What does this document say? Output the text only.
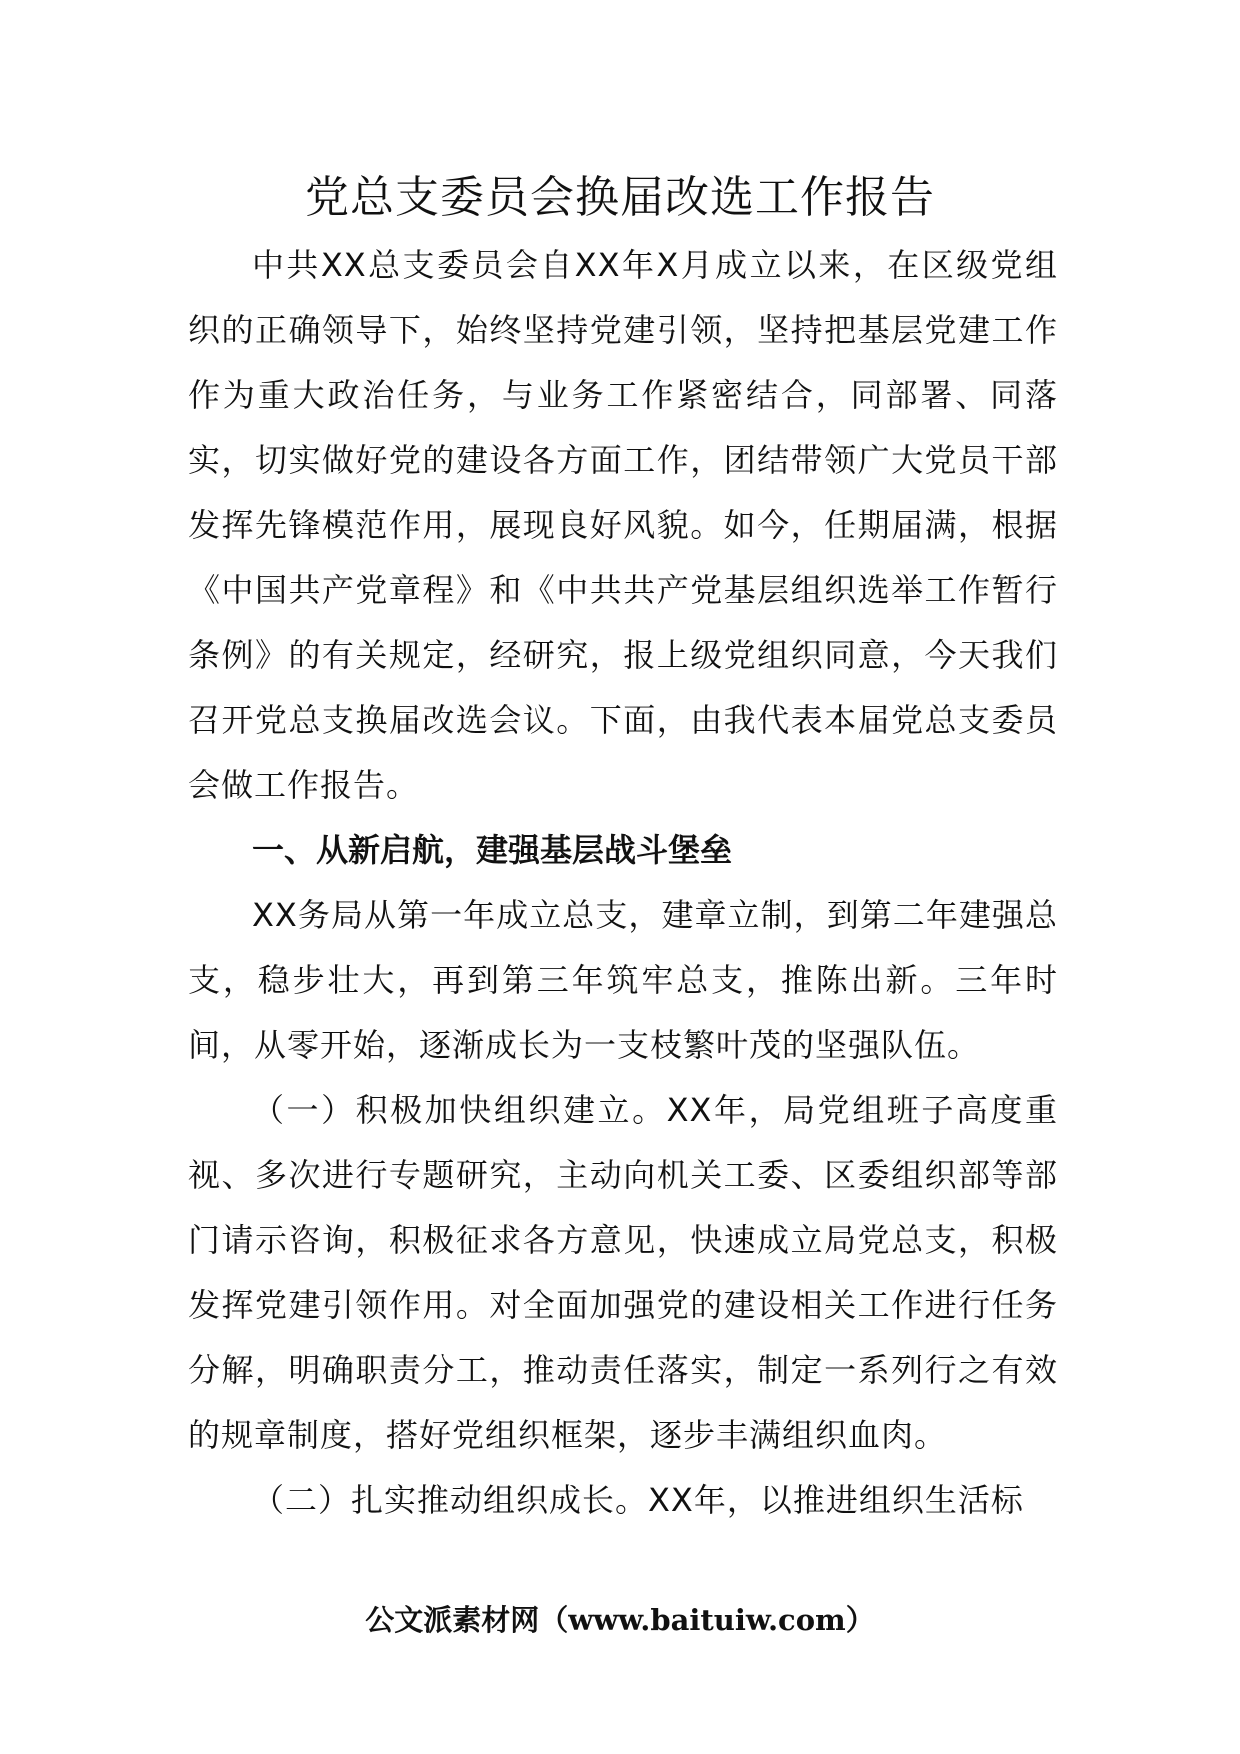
党总支委员会换届改选工作报告

中共XX总支委员会自XX年X月成立以来，在区级党组织的正确领导下，始终坚持党建引领，坚持把基层党建工作作为重大政治任务，与业务工作紧密结合，同部署、同落实，切实做好党的建设各方面工作，团结带领广大党员干部发挥先锋模范作用，展现良好风貌。如今，任期届满，根据《中国共产党章程》和《中共共产党基层组织选举工作暂行条例》的有关规定，经研究，报上级党组织同意，今天我们召开党总支换届改选会议。下面，由我代表本届党总支委员会做工作报告。

一、从新启航，建强基层战斗堡垒

XX务局从第一年成立总支，建章立制，到第二年建强总支，稳步壮大，再到第三年筑牢总支，推陈出新。三年时间，从零开始，逐渐成长为一支枝繁叶茂的坚强队伍。

（一）积极加快组织建立。XX年，局党组班子高度重视、多次进行专题研究，主动向机关工委、区委组织部等部门请示咨询，积极征求各方意见，快速成立局党总支，积极发挥党建引领作用。对全面加强党的建设相关工作进行任务分解，明确职责分工，推动责任落实，制定一系列行之有效的规章制度，搭好党组织框架，逐步丰满组织血肉。

（二）扎实推动组织成长。XX年，以推进组织生活标

公文派素材网（www.baituiw.com）
